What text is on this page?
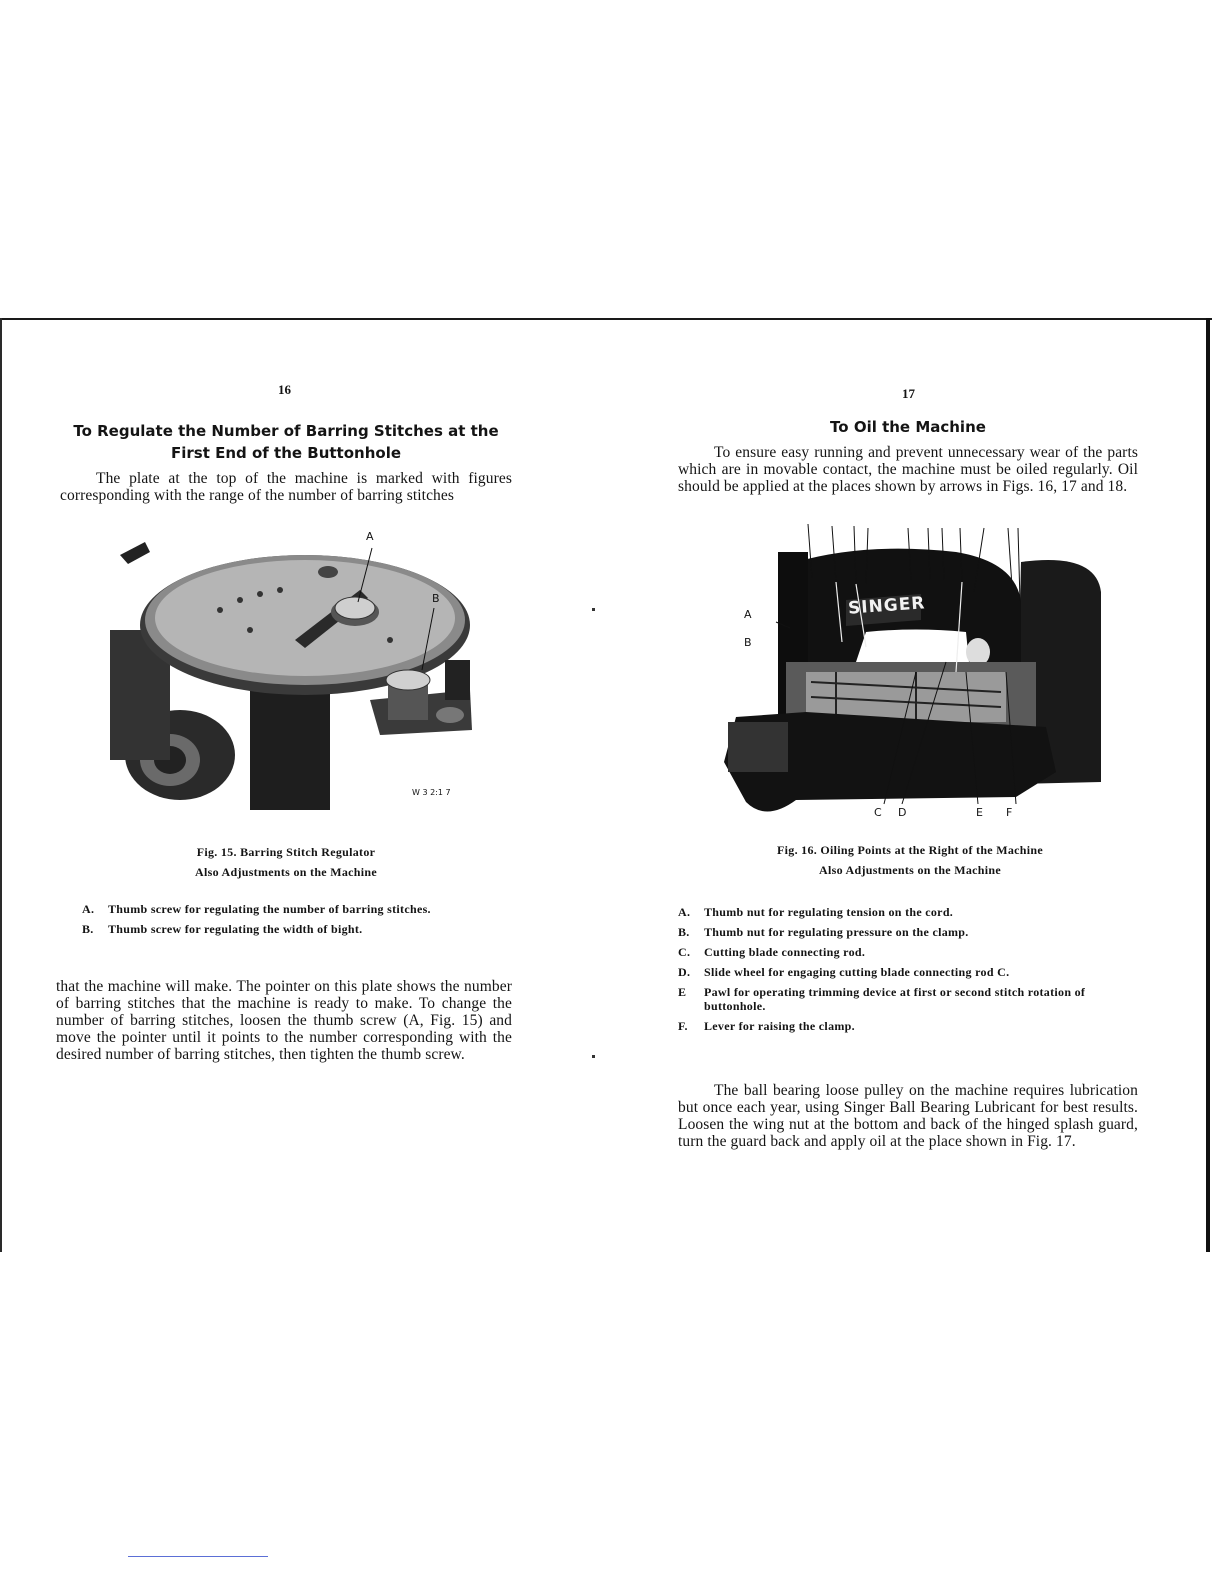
16
To Regulate the Number of Barring Stitches at the
First End of the Buttonhole
The plate at the top of the machine is marked with figures corresponding with the range of the number of barring stitches
A
B
W 3 2:1 7
Fig. 15. Barring Stitch Regulator
Also Adjustments on the Machine
A.	Thumb screw for regulating the number of barring stitches.
B.	Thumb screw for regulating the width of bight.
that the machine will make. The pointer on this plate shows the number of barring stitches that the machine is ready to make. To change the number of barring stitches, loosen the thumb screw (A, Fig. 15) and move the pointer until it points to the number corresponding with the desired number of barring stitches, then tighten the thumb screw.
17
To Oil the Machine
To ensure easy running and prevent unnecessary wear of the parts which are in movable contact, the machine must be oiled regularly. Oil should be applied at the places shown by arrows in Figs. 16, 17 and 18.
SINGER
A
B
C D	E F
Fig. 16. Oiling Points at the Right of the Machine
Also Adjustments on the Machine
A.	Thumb nut for regulating tension on the cord.
B.	Thumb nut for regulating pressure on the clamp.
C.	Cutting blade connecting rod.
D.	Slide wheel for engaging cutting blade connecting rod C.
E	Pawl for operating trimming device at first or second stitch rotation of buttonhole.
F.	Lever for raising the clamp.
The ball bearing loose pulley on the machine requires lubrication but once each year, using Singer Ball Bearing Lubricant for best results. Loosen the wing nut at the bottom and back of the hinged splash guard, turn the guard back and apply oil at the place shown in Fig. 17.
